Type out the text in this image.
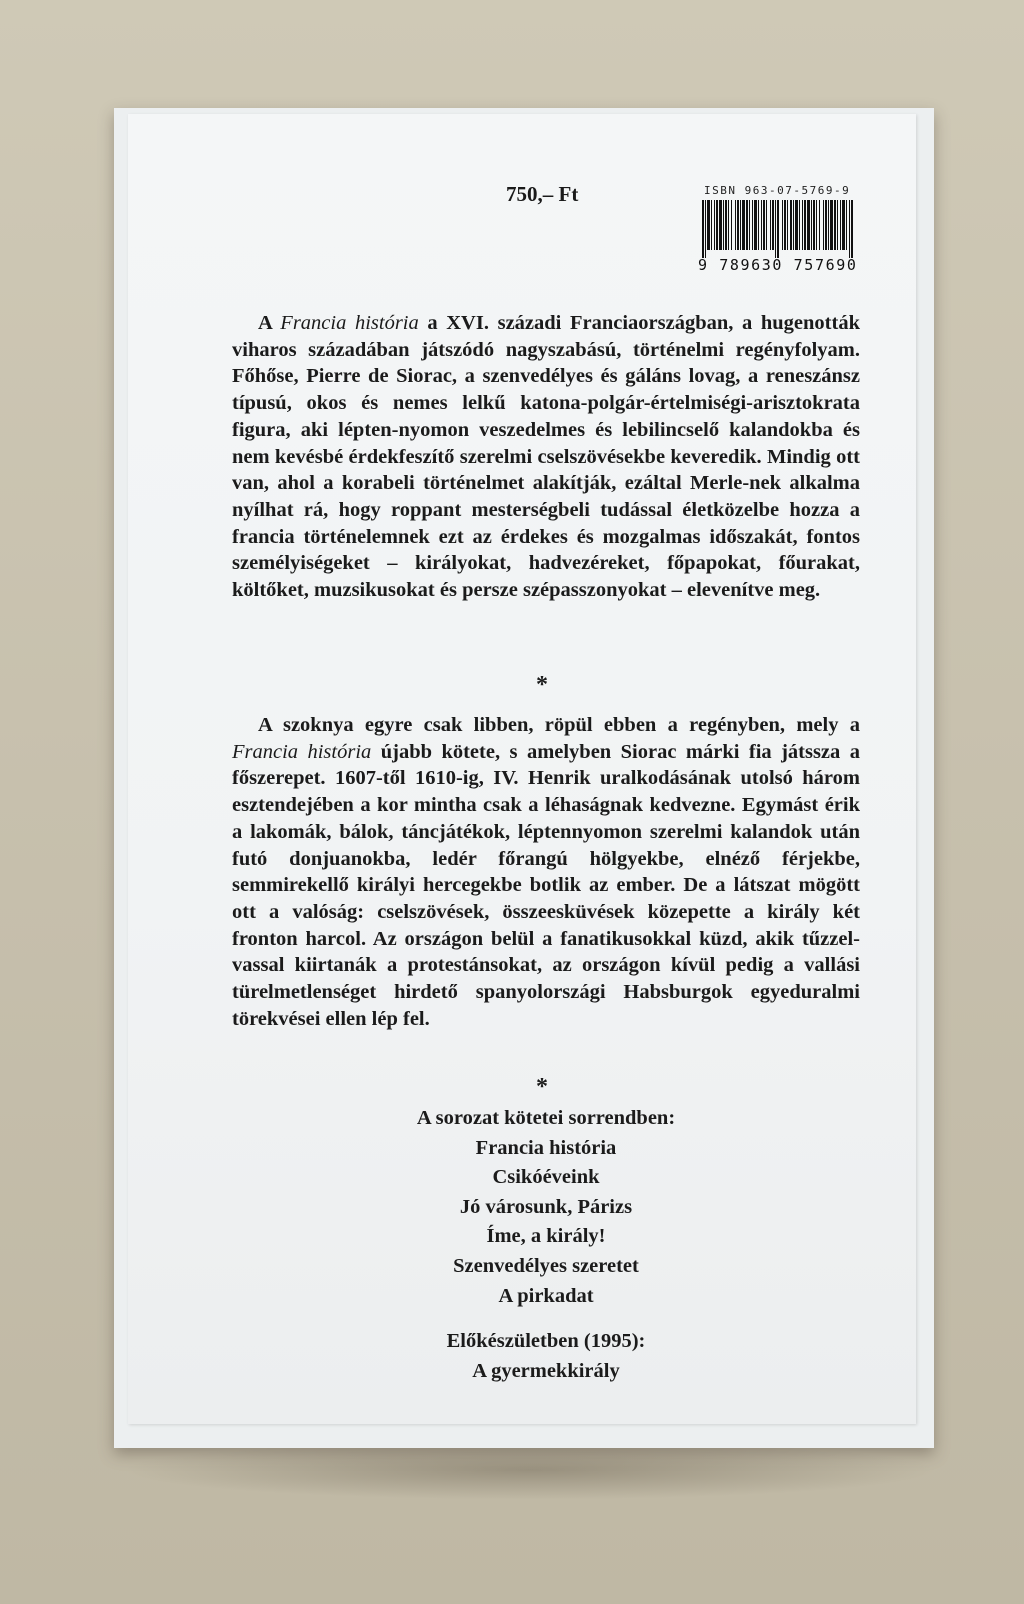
750,– Ft	ISBN 963-07-5769-9
9 789630 757690
A Francia história a XVI. századi Franciaországban, a hugenották viharos századában játszódó nagyszabású, történelmi regényfolyam. Főhőse, Pierre de Siorac, a szenvedélyes és gáláns lovag, a reneszánsz típusú, okos és nemes lelkű katona-polgár-értelmiségi-arisztokrata figura, aki lépten-nyomon veszedelmes és lebilincselő kalandokba és nem kevésbé érdekfeszítő szerelmi cselszövésekbe keveredik. Mindig ott van, ahol a korabeli történelmet alakítják, ezáltal Merle-nek alkalma nyílhat rá, hogy roppant mesterségbeli tudással életközelbe hozza a francia történelemnek ezt az érdekes és mozgalmas időszakát, fontos személyiségeket – királyokat, hadvezéreket, főpapokat, főurakat, költőket, muzsikusokat és persze szépasszonyokat – elevenítve meg.
*
A szoknya egyre csak libben, röpül ebben a regényben, mely a Francia história újabb kötete, s amelyben Siorac márki fia játssza a főszerepet. 1607-től 1610-ig, IV. Henrik uralkodásának utolsó három esztendejében a kor mintha csak a léhaságnak kedvezne. Egymást érik a lakomák, bálok, táncjátékok, léptennyomon szerelmi kalandok után futó donjuanokba, ledér főrangú hölgyekbe, elnéző férjekbe, semmirekellő királyi hercegekbe botlik az ember. De a látszat mögött ott a valóság: cselszövések, összeesküvések közepette a király két fronton harcol. Az országon belül a fanatikusokkal küzd, akik tűzzel-vassal kiirtanák a protestánsokat, az országon kívül pedig a vallási türelmetlenséget hirdető spanyolországi Habsburgok egyeduralmi törekvései ellen lép fel.
*
A sorozat kötetei sorrendben:
Francia história
Csikóéveink
Jó városunk, Párizs
Íme, a király!
Szenvedélyes szeretet
A pirkadat
Előkészületben (1995):
A gyermekkirály
